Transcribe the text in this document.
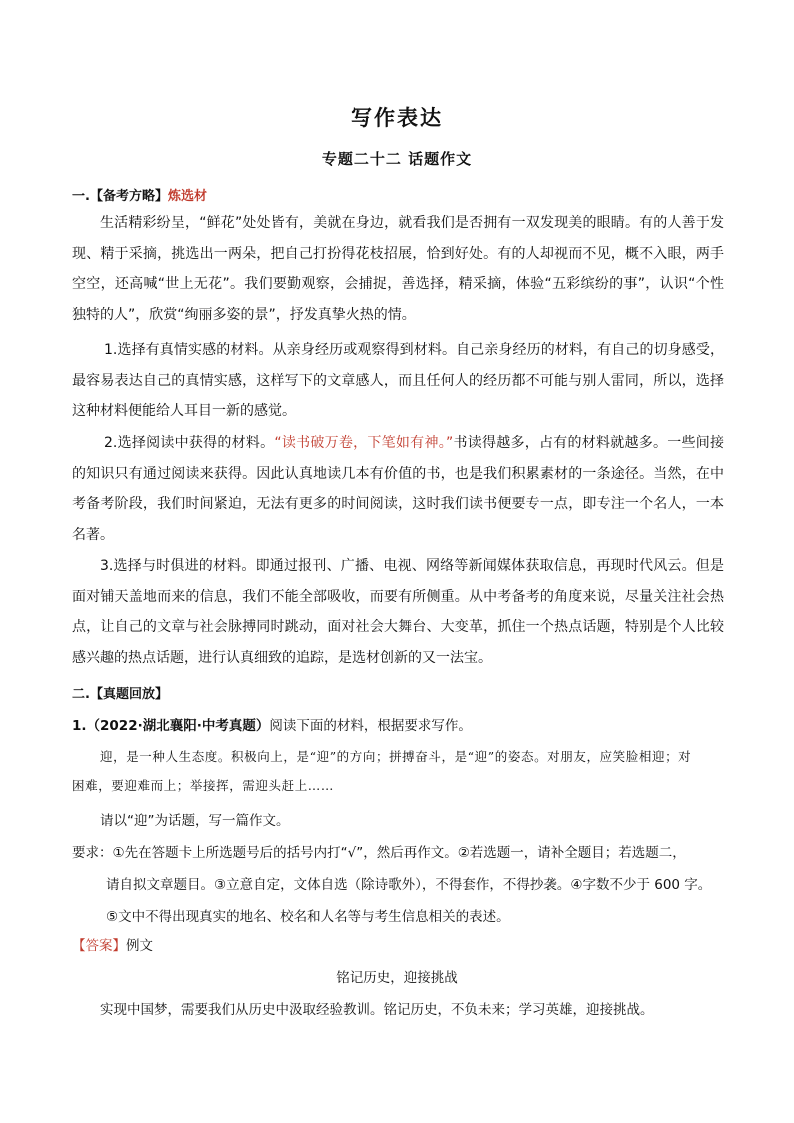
写作表达
专题二十二 话题作文
一.【备考方略】炼选材

生活精彩纷呈，“鲜花”处处皆有，美就在身边，就看我们是否拥有一双发现美的眼睛。有的人善于发现、精于采摘，挑选出一两朵，把自己打扮得花枝招展，恰到好处。有的人却视而不见，概不入眼，两手空空，还高喊“世上无花”。我们要勤观察，会捕捉，善选择，精采摘，体验“五彩缤纷的事”，认识“个性独特的人”，欣赏“绚丽多姿的景”，抒发真挚火热的情。

1.选择有真情实感的材料。从亲身经历或观察得到材料。自己亲身经历的材料，有自己的切身感受，最容易表达自己的真情实感，这样写下的文章感人，而且任何人的经历都不可能与别人雷同，所以，选择这种材料便能给人耳目一新的感觉。

2.选择阅读中获得的材料。“读书破万卷，下笔如有神。”书读得越多，占有的材料就越多。一些间接的知识只有通过阅读来获得。因此认真地读几本有价值的书，也是我们积累素材的一条途径。当然，在中考备考阶段，我们时间紧迫，无法有更多的时间阅读，这时我们读书便要专一点，即专注一个名人，一本名著。

3.选择与时俱进的材料。即通过报刊、广播、电视、网络等新闻媒体获取信息，再现时代风云。但是面对铺天盖地而来的信息，我们不能全部吸收，而要有所侧重。从中考备考的角度来说，尽量关注社会热点，让自己的文章与社会脉搏同时跳动，面对社会大舞台、大变革，抓住一个热点话题，特别是个人比较感兴趣的热点话题，进行认真细致的追踪，是选材创新的又一法宝。

二.【真题回放】
1.（2022·湖北襄阳·中考真题）阅读下面的材料，根据要求写作。
迎，是一种人生态度。积极向上，是“迎”的方向；拼搏奋斗，是“迎”的姿态。对朋友，应笑脸相迎；对
困难，要迎难而上；举接挥，需迎头赶上……
请以“迎”为话题，写一篇作文。
要求：①先在答题卡上所选题号后的括号内打“√”，然后再作文。②若选题一，请补全题目；若选题二，
请自拟文章题目。③立意自定，文体自选（除诗歌外），不得套作，不得抄袭。④字数不少于 600 字。
⑤文中不得出现真实的地名、校名和人名等与考生信息相关的表述。
【答案】例文
铭记历史，迎接挑战
实现中国梦，需要我们从历史中汲取经验教训。铭记历史，不负未来；学习英雄，迎接挑战。
